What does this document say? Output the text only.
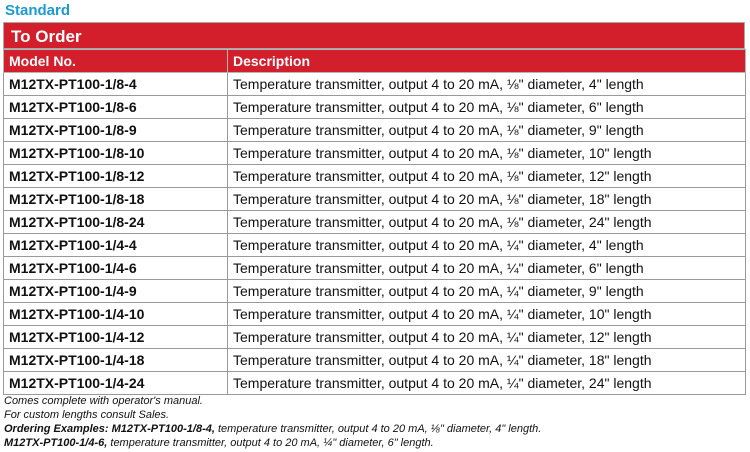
Standard
To Order
Model No.	Description
M12TX-PT100-1/8-4	Temperature transmitter, output 4 to 20 mA, ⅛" diameter, 4" length
M12TX-PT100-1/8-6	Temperature transmitter, output 4 to 20 mA, ⅛" diameter, 6" length
M12TX-PT100-1/8-9	Temperature transmitter, output 4 to 20 mA, ⅛" diameter, 9" length
M12TX-PT100-1/8-10	Temperature transmitter, output 4 to 20 mA, ⅛" diameter, 10" length
M12TX-PT100-1/8-12	Temperature transmitter, output 4 to 20 mA, ⅛" diameter, 12" length
M12TX-PT100-1/8-18	Temperature transmitter, output 4 to 20 mA, ⅛" diameter, 18" length
M12TX-PT100-1/8-24	Temperature transmitter, output 4 to 20 mA, ⅛" diameter, 24" length
M12TX-PT100-1/4-4	Temperature transmitter, output 4 to 20 mA, ¼" diameter, 4" length
M12TX-PT100-1/4-6	Temperature transmitter, output 4 to 20 mA, ¼" diameter, 6" length
M12TX-PT100-1/4-9	Temperature transmitter, output 4 to 20 mA, ¼" diameter, 9" length
M12TX-PT100-1/4-10	Temperature transmitter, output 4 to 20 mA, ¼" diameter, 10" length
M12TX-PT100-1/4-12	Temperature transmitter, output 4 to 20 mA, ¼" diameter, 12" length
M12TX-PT100-1/4-18	Temperature transmitter, output 4 to 20 mA, ¼" diameter, 18" length
M12TX-PT100-1/4-24	Temperature transmitter, output 4 to 20 mA, ¼" diameter, 24" length
Comes complete with operator's manual.
For custom lengths consult Sales.
Ordering Examples: M12TX-PT100-1/8-4, temperature transmitter, output 4 to 20 mA, ⅛" diameter, 4" length.
M12TX-PT100-1/4-6, temperature transmitter, output 4 to 20 mA, ¼" diameter, 6" length.
